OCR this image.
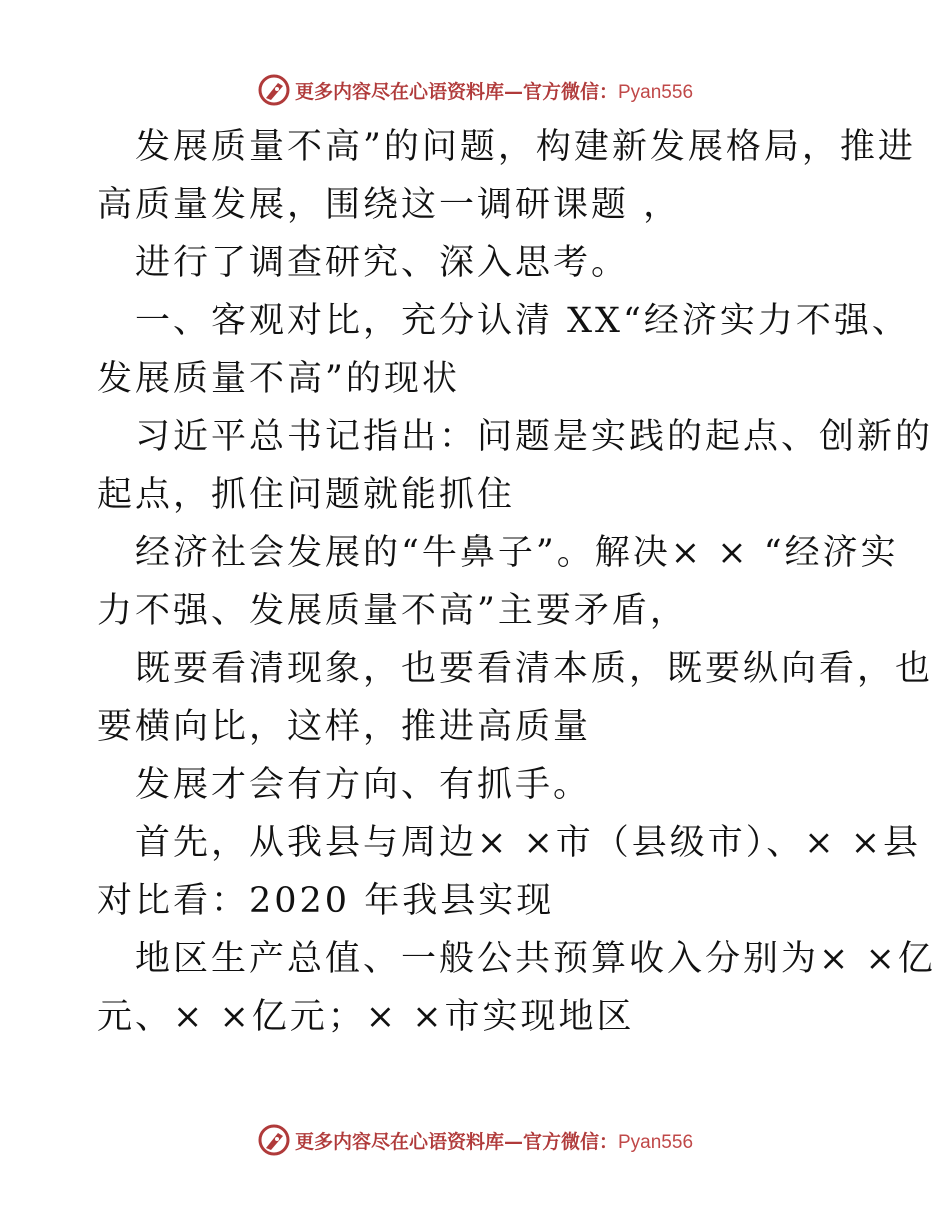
更多内容尽在心语资料库—官方微信：Pyan556
发展质量不高”的问题，构建新发展格局，推进
高质量发展，围绕这一调研课题 ，
进行了调查研究、深入思考。
一、客观对比，充分认清 XX“经济实力不强、
发展质量不高”的现状
习近平总书记指出：问题是实践的起点、创新的
起点，抓住问题就能抓住
经济社会发展的“牛鼻子”。解决× × “经济实
力不强、发展质量不高”主要矛盾，
既要看清现象，也要看清本质，既要纵向看，也
要横向比，这样，推进高质量
发展才会有方向、有抓手。
首先，从我县与周边× ×市（县级市）、× ×县
对比看：2020 年我县实现
地区生产总值、一般公共预算收入分别为× ×亿
元、× ×亿元；× ×市实现地区
更多内容尽在心语资料库—官方微信：Pyan556
